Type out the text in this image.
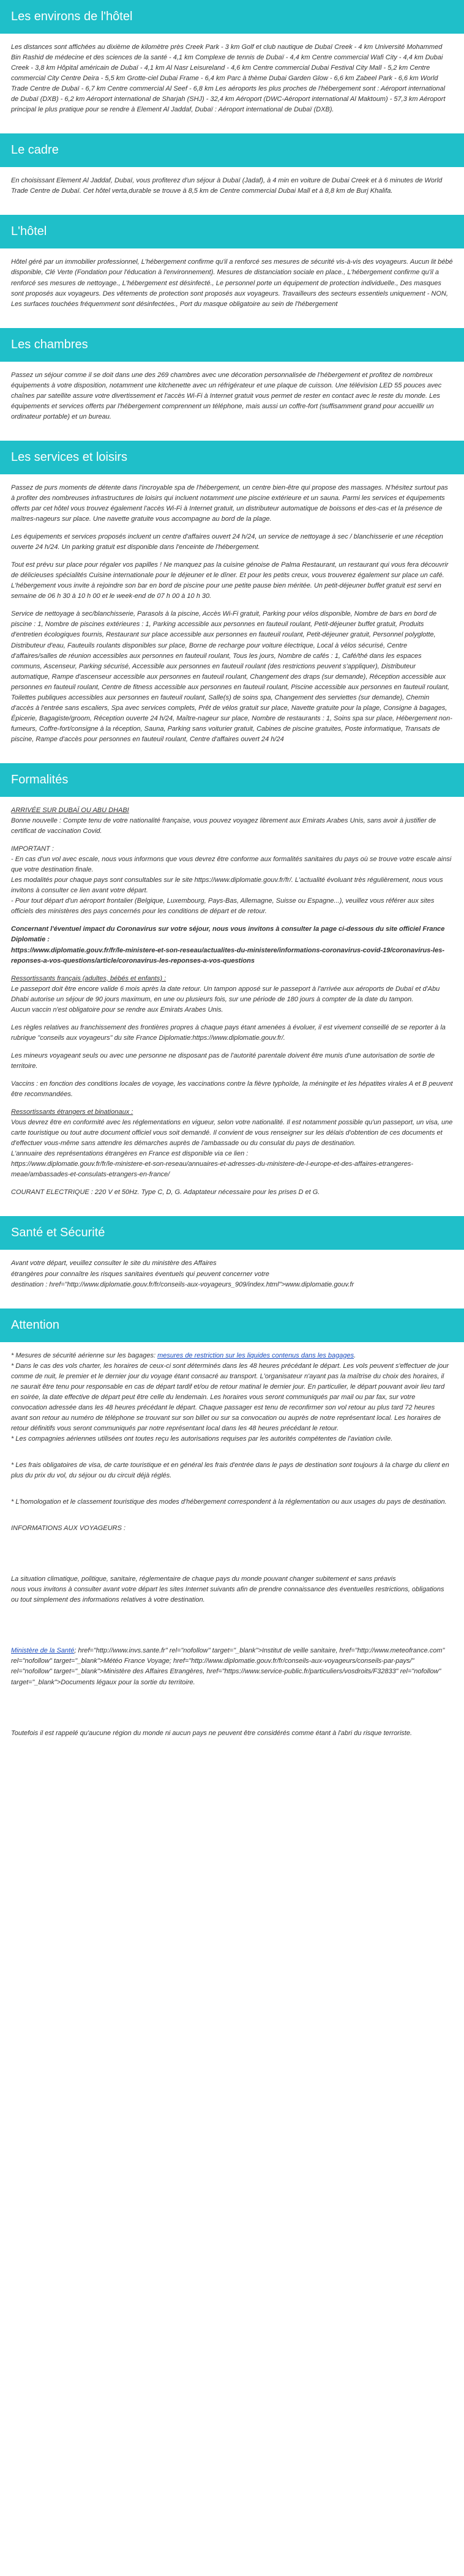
Les environs de l'hôtel

Les distances sont affichées au dixième de kilomètre près Creek Park - 3 km Golf et club nautique de Dubaï Creek - 4 km Université Mohammed Bin Rashid de médecine et des sciences de la santé - 4,1 km Complexe de tennis de Dubaï - 4,4 km Centre commercial Wafi City - 4,4 km Dubai Creek - 3,8 km Hôpital américain de Dubaï - 4,1 km Al Nasr Leisureland - 4,6 km Centre commercial Dubai Festival City Mall - 5,2 km Centre commercial City Centre Deira - 5,5 km Grotte-ciel Dubai Frame - 6,4 km Parc à thème Dubai Garden Glow - 6,6 km Zabeel Park - 6,6 km World Trade Centre de Dubaï - 6,7 km Centre commercial Al Seef - 6,8 km Les aéroports les plus proches de l'hébergement sont : Aéroport international de Dubaï (DXB) - 6,2 km Aéroport international de Sharjah (SHJ) - 32,4 km Aéroport (DWC-Aéroport international Al Maktoum) - 57,3 km Aéroport principal le plus pratique pour se rendre à Element Al Jaddaf, Dubaï : Aéroport international de Dubaï (DXB).

Le cadre

En choisissant Element Al Jaddaf, Dubaï, vous profiterez d'un séjour à Dubaï (Jadaf), à 4 min en voiture de Dubai Creek et à 6 minutes de World Trade Centre de Dubaï. Cet hôtel verta,durable se trouve à 8,5 km de Centre commercial Dubai Mall et à 8,8 km de Burj Khalifa.

L'hôtel

Hôtel géré par un immobilier professionnel, L'hébergement confirme qu'il a renforcé ses mesures de sécurité vis-à-vis des voyageurs. Aucun lit bébé disponible, Clé Verte (Fondation pour l'éducation à l'environnement). Mesures de distanciation sociale en place., L'hébergement confirme qu'il a renforcé ses mesures de nettoyage., L'hébergement est désinfecté., Le personnel porte un équipement de protection individuelle., Des masques sont proposés aux voyageurs. Des vêtements de protection sont proposés aux voyageurs. Travailleurs des secteurs essentiels uniquement - NON, Les surfaces touchées fréquemment sont désinfectées., Port du masque obligatoire au sein de l'hébergement

Les chambres

Passez un séjour comme il se doit dans une des 269 chambres avec une décoration personnalisée de l'hébergement et profitez de nombreux équipements à votre disposition, notamment une kitchenette avec un réfrigérateur et une plaque de cuisson. Une télévision LED 55 pouces avec chaînes par satellite assure votre divertissement et l'accès Wi-Fi à Internet gratuit vous permet de rester en contact avec le reste du monde. Les équipements et services offerts par l'hébergement comprennent un téléphone, mais aussi un coffre-fort (suffisamment grand pour accueillir un ordinateur portable) et un bureau.

Les services et loisirs

Passez de purs moments de détente dans l'incroyable spa de l'hébergement, un centre bien-être qui propose des massages. N'hésitez surtout pas à profiter des nombreuses infrastructures de loisirs qui incluent notamment une piscine extérieure et un sauna. Parmi les services et équipements offerts par cet hôtel vous trouvez également l'accès Wi-Fi à Internet gratuit, un distributeur automatique de boissons et des-cas et la présence de maîtres-nageurs sur place. Une navette gratuite vous accompagne au bord de la plage.

Les équipements et services proposés incluent un centre d'affaires ouvert 24 h/24, un service de nettoyage à sec / blanchisserie et une réception ouverte 24 h/24. Un parking gratuit est disponible dans l'enceinte de l'hébergement.

Tout est prévu sur place pour régaler vos papilles ! Ne manquez pas la cuisine génoise de Palma Restaurant, un restaurant qui vous fera découvrir de délicieuses spécialités Cuisine internationale pour le déjeuner et le dîner. Et pour les petits creux, vous trouverez également sur place un café. L'hébergement vous invite à rejoindre son bar en bord de piscine pour une petite pause bien méritée. Un petit-déjeuner buffet gratuit est servi en semaine de 06 h 30 à 10 h 00 et le week-end de 07 h 00 à 10 h 30.

Service de nettoyage à sec/blanchisserie, Parasols à la piscine, Accès Wi-Fi gratuit, Parking pour vélos disponible, Nombre de bars en bord de piscine : 1, Nombre de piscines extérieures : 1, Parking accessible aux personnes en fauteuil roulant, Petit-déjeuner buffet gratuit, Produits d'entretien écologiques fournis, Restaurant sur place accessible aux personnes en fauteuil roulant, Petit-déjeuner gratuit, Personnel polyglotte, Distributeur d'eau, Fauteuils roulants disponibles sur place, Borne de recharge pour voiture électrique, Local à vélos sécurisé, Centre d'affaires/salles de réunion accessibles aux personnes en fauteuil roulant, Tous les jours, Nombre de cafés : 1, Café/thé dans les espaces communs, Ascenseur, Parking sécurisé, Accessible aux personnes en fauteuil roulant (des restrictions peuvent s'appliquer), Distributeur automatique, Rampe d'ascenseur accessible aux personnes en fauteuil roulant, Changement des draps (sur demande), Réception accessible aux personnes en fauteuil roulant, Centre de fitness accessible aux personnes en fauteuil roulant, Piscine accessible aux personnes en fauteuil roulant, Toilettes publiques accessibles aux personnes en fauteuil roulant, Salle(s) de soins spa, Changement des serviettes (sur demande), Chemin d'accès à l'entrée sans escaliers, Spa avec services complets, Prêt de vélos gratuit sur place, Navette gratuite pour la plage, Consigne à bagages, Épicerie, Bagagiste/groom, Réception ouverte 24 h/24, Maître-nageur sur place, Nombre de restaurants : 1, Soins spa sur place, Hébergement non-fumeurs, Coffre-fort/consigne à la réception, Sauna, Parking sans voiturier gratuit, Cabines de piscine gratuites, Poste informatique, Transats de piscine, Rampe d'accès pour personnes en fauteuil roulant, Centre d'affaires ouvert 24 h/24

Formalités

ARRIVÉE SUR DUBAÏ OU ABU DHABI

Bonne nouvelle : Compte tenu de votre nationalité française, vous pouvez voyagez librement aux Emirats Arabes Unis, sans avoir à justifier de certificat de vaccination Covid.

IMPORTANT :

- En cas d'un vol avec escale, nous vous informons que vous devrez être conforme aux formalités sanitaires du pays où se trouve votre escale ainsi que votre destination finale.
Les modalités pour chaque pays sont consultables sur le site https://www.diplomatie.gouv.fr/fr/. L'actualité évoluant très régulièrement, nous vous invitons à consulter ce lien avant votre départ.
- Pour tout départ d'un aéroport frontalier (Belgique, Luxembourg, Pays-Bas, Allemagne, Suisse ou Espagne...), veuillez vous référer aux sites officiels des ministères des pays concernés pour les conditions de départ et de retour.

Concernant l'éventuel impact du Coronavirus sur votre séjour, nous vous invitons à consulter la page ci-dessous du site officiel France Diplomatie :
https://www.diplomatie.gouv.fr/fr/le-ministere-et-son-reseau/actualites-du-ministere/informations-coronavirus-covid-19/coronavirus-les-reponses-a-vos-questions/article/coronavirus-les-reponses-a-vos-questions

Ressortissants français (adultes, bébés et enfants) :

Le passeport doit être encore valide 6 mois après la date retour. Un tampon apposé sur le passeport à l'arrivée aux aéroports de Dubaï et d'Abu Dhabi autorise un séjour de 90 jours maximum, en une ou plusieurs fois, sur une période de 180 jours à compter de la date du tampon.
Aucun vaccin n'est obligatoire pour se rendre aux Emirats Arabes Unis.

Les règles relatives au franchissement des frontières propres à chaque pays étant amenées à évoluer, il est vivement conseillé de se reporter à la rubrique "conseils aux voyageurs" du site France Diplomatie:https://www.diplomatie.gouv.fr/.

Les mineurs voyageant seuls ou avec une personne ne disposant pas de l'autorité parentale doivent être munis d'une autorisation de sortie de territoire.

Vaccins : en fonction des conditions locales de voyage, les vaccinations contre la fièvre typhoïde, la méningite et les hépatites virales A et B peuvent être recommandées.

Ressortissants étrangers et binationaux :

Vous devrez être en conformité avec les réglementations en vigueur, selon votre nationalité. Il est notamment possible qu'un passeport, un visa, une carte touristique ou tout autre document officiel vous soit demandé. Il convient de vous renseigner sur les délais d'obtention de ces documents et d'effectuer vous-même sans attendre les démarches auprès de l'ambassade ou du consulat du pays de destination.
L'annuaire des représentations étrangères en France est disponible via ce lien :
https://www.diplomatie.gouv.fr/fr/le-ministere-et-son-reseau/annuaires-et-adresses-du-ministere-de-l-europe-et-des-affaires-etrangeres-meae/ambassades-et-consulats-etrangers-en-france/

COURANT ELECTRIQUE : 220 V et 50Hz. Type C, D, G. Adaptateur nécessaire pour les prises D et G.

Santé et Sécurité

Avant votre départ, veuillez consulter le site du ministère des Affaires
étrangères pour connaître les risques sanitaires éventuels qui peuvent concerner votre
destination : href="http://www.diplomatie.gouv.fr/fr/conseils-aux-voyageurs_909/index.html">www.diplomatie.gouv.fr

Attention

* Mesures de sécurité aérienne sur les bagages: mesures de restriction sur les liquides contenus dans les bagages.
* Dans le cas des vols charter, les horaires de ceux-ci sont déterminés dans les 48 heures précédant le départ. Les vols peuvent s'effectuer de jour comme de nuit, le premier et le dernier jour du voyage étant consacré au transport. L'organisateur n'ayant pas la maîtrise du choix des horaires, il ne saurait être tenu pour responsable en cas de départ tardif et/ou de retour matinal le dernier jour. En particulier, le départ pouvant avoir lieu tard en soirée, la date effective de départ peut être celle du lendemain. Les horaires vous seront communiqués par mail ou par fax, sur votre convocation adressée dans les 48 heures précédant le départ. Chaque passager est tenu de reconfirmer son vol retour au plus tard 72 heures avant son retour au numéro de téléphone se trouvant sur son billet ou sur sa convocation ou auprès de notre représentant local. Les horaires de retour définitifs vous seront communiqués par notre représentant local dans les 48 heures précédant le retour.
* Les compagnies aériennes utilisées ont toutes reçu les autorisations requises par les autorités compétentes de l'aviation civile.

* Les frais obligatoires de visa, de carte touristique et en général les frais d'entrée dans le pays de destination sont toujours à la charge du client en plus du prix du vol, du séjour ou du circuit déjà réglés.

* L'homologation et le classement touristique des modes d'hébergement correspondent à la réglementation ou aux usages du pays de destination.

INFORMATIONS AUX VOYAGEURS :

La situation climatique, politique, sanitaire, réglementaire de chaque pays du monde pouvant changer subitement et sans préavis
nous vous invitons à consulter avant votre départ les sites Internet suivants afin de prendre connaissance des éventuelles restrictions, obligations ou tout simplement des informations relatives à votre destination.

Ministère de la Santé; href="http://www.invs.sante.fr" rel="nofollow" target="_blank">Institut de veille sanitaire, href="http://www.meteofrance.com" rel="nofollow" target="_blank">Météo France Voyage; href="http://www.diplomatie.gouv.fr/fr/conseils-aux-voyageurs/conseils-par-pays/" rel="nofollow" target="_blank">Ministère des Affaires Etrangères, href="https://www.service-public.fr/particuliers/vosdroits/F32833" rel="nofollow" target="_blank">Documents légaux pour la sortie du territoire.

Toutefois il est rappelé qu'aucune région du monde ni aucun pays ne peuvent être considérés comme étant à l'abri du risque terroriste.
